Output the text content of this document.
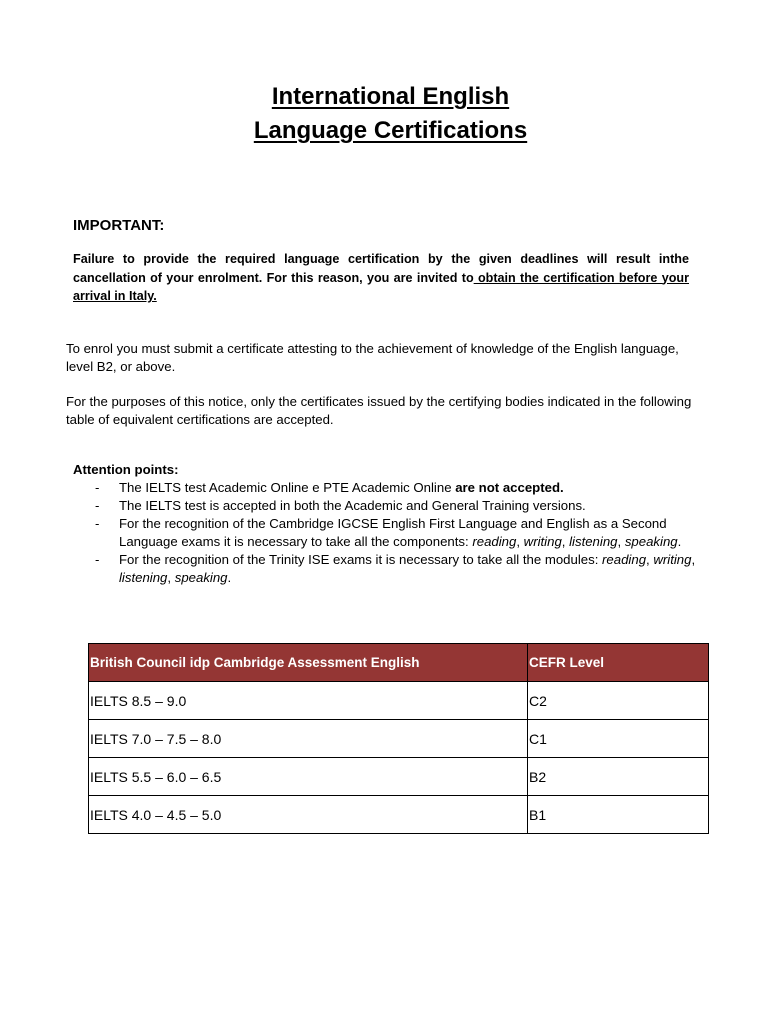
International English
Language Certifications
IMPORTANT:
Failure to provide the required language certification by the given deadlines will result inthe cancellation of your enrolment. For this reason, you are invited to obtain the certification before your arrival in Italy.
To enrol you must submit a certificate attesting to the achievement of knowledge of the English language, level B2, or above.
For the purposes of this notice, only the certificates issued by the certifying bodies indicated in the following table of equivalent certifications are accepted.
Attention points:
- The IELTS test Academic Online e PTE Academic Online are not accepted.
- The IELTS test is accepted in both the Academic and General Training versions.
- For the recognition of the Cambridge IGCSE English First Language and English as a Second Language exams it is necessary to take all the components: reading, writing, listening, speaking.
- For the recognition of the Trinity ISE exams it is necessary to take all the modules: reading, writing, listening, speaking.
British Council idp Cambridge Assessment English	CEFR Level
IELTS 8.5 – 9.0	C2
IELTS 7.0 – 7.5 – 8.0	C1
IELTS 5.5 – 6.0 – 6.5	B2
IELTS 4.0 – 4.5 – 5.0	B1
